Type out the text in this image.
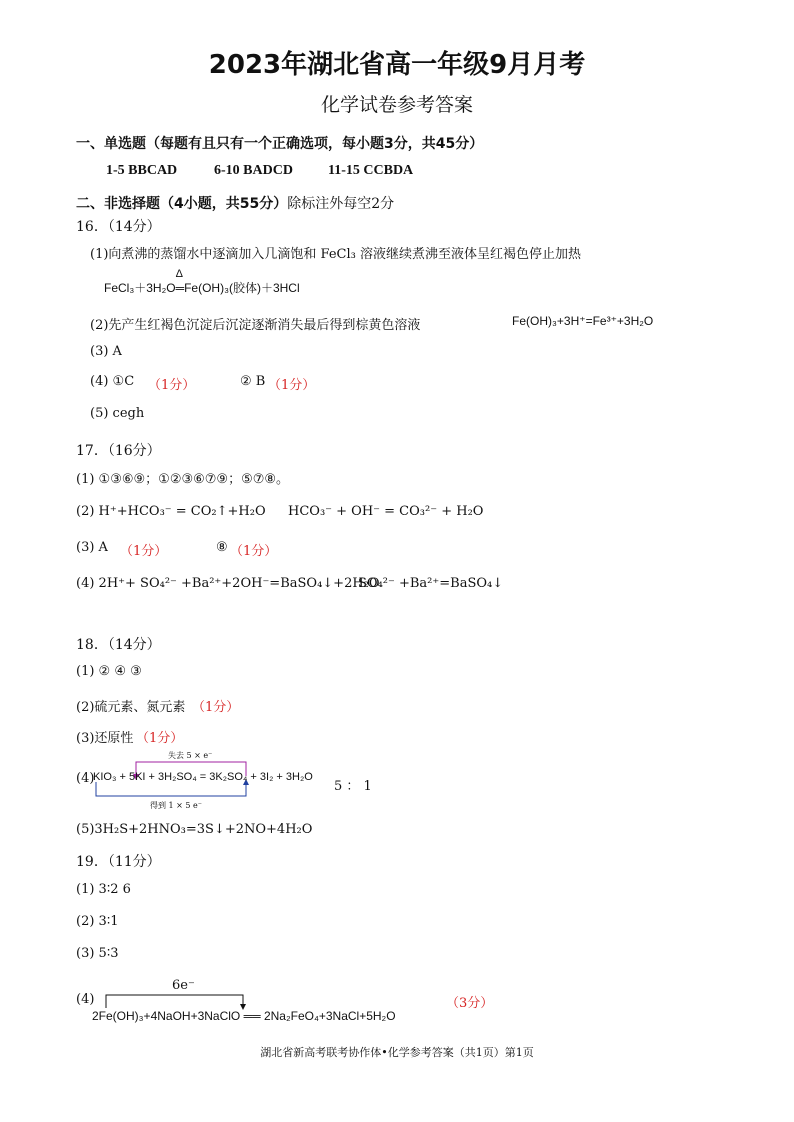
2023年湖北省高一年级9月月考
化学试卷参考答案
一、单选题（每题有且只有一个正确选项，每小题3分，共45分）
1-5 BBCAD	6-10 BADCD	11-15 CCBDA
二、非选择题（4小题，共55分）除标注外每空2分
16．（14分）
(1)向煮沸的蒸馏水中逐滴加入几滴饱和 FeCl₃ 溶液继续煮沸至液体呈红褐色停止加热
FeCl₃＋3H₂O
Δ
═Fe(OH)₃(胶体)＋3HCl
(2)先产生红褐色沉淀后沉淀逐渐消失最后得到棕黄色溶液	Fe(OH)₃+3H⁺=Fe³⁺+3H₂O
(3) A
(4) ①C （1分）	② B （1分）
(5) cegh
17．（16分）
(1) ①③⑥⑨；①②③⑥⑦⑨；⑤⑦⑧。
(2) H⁺+HCO₃⁻ = CO₂↑+H₂O HCO₃⁻ + OH⁻ = CO₃²⁻ + H₂O
(3) A （1分）	⑧ （1分）
(4) 2H⁺+ SO₄²⁻ +Ba²⁺+2OH⁻=BaSO₄↓+2H₂O
SO₄²⁻ +Ba²⁺=BaSO₄↓
18．（14分）
(1) ② ④ ③
(2)硫元素、氮元素 （1分）
(3)还原性 （1分）
失去 5 × e⁻
(4)
KIO₃ + 5KI + 3H₂SO₄ = 3K₂SO₄ + 3I₂ + 3H₂O
5 ： 1
得到 1 × 5 e⁻
(5)3H₂S+2HNO₃=3S↓+2NO+4H₂O
19．（11分）
(1) 3∶2 6
(2) 3∶1
(3) 5∶3
6e⁻
(4)
2Fe(OH)₃+4NaOH+3NaClO ══ 2Na₂FeO₄+3NaCl+5H₂O
（3分）
湖北省新高考联考协作体•化学参考答案（共1页）第1页
